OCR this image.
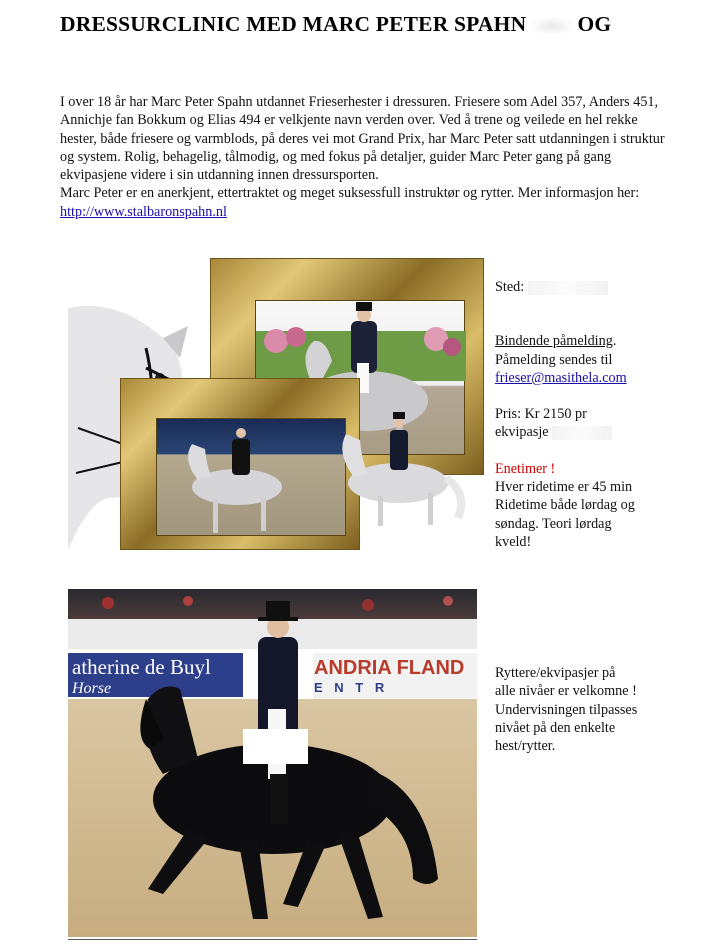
DRESSURCLINIC MED MARC PETER SPAHN OG

I over 18 år har Marc Peter Spahn utdannet Frieserhester i dressuren. Friesere som Adel 357, Anders 451, Annichje fan Bokkum og Elias 494 er velkjente navn verden over. Ved å trene og veilede en hel rekke hester, både friesere og varmblods, på deres vei mot Grand Prix, har Marc Peter satt utdanningen i struktur og system. Rolig, behagelig, tålmodig, og med fokus på detaljer, guider Marc Peter gang på gang ekvipasjene videre i sin utdanning innen dressursporten.

Marc Peter er en anerkjent, ettertraktet og meget suksessfull instruktør og rytter. Mer informasjon her: http://www.stalbaronspahn.nl

Sted:
Bindende påmelding.
Påmelding sendes til
frieser@masithela.com
Pris: Kr 2150 pr
ekvipasje
Enetimer !
Hver ridetime er 45 min
Ridetime både lørdag og
søndag. Teori lørdag
kveld!
atherine de Buyl
Horse
ANDRIA FLAND
E N T R
Ryttere/ekvipasjer på
alle nivåer er velkomne !
Undervisningen tilpasses
nivået på den enkelte
hest/rytter.
